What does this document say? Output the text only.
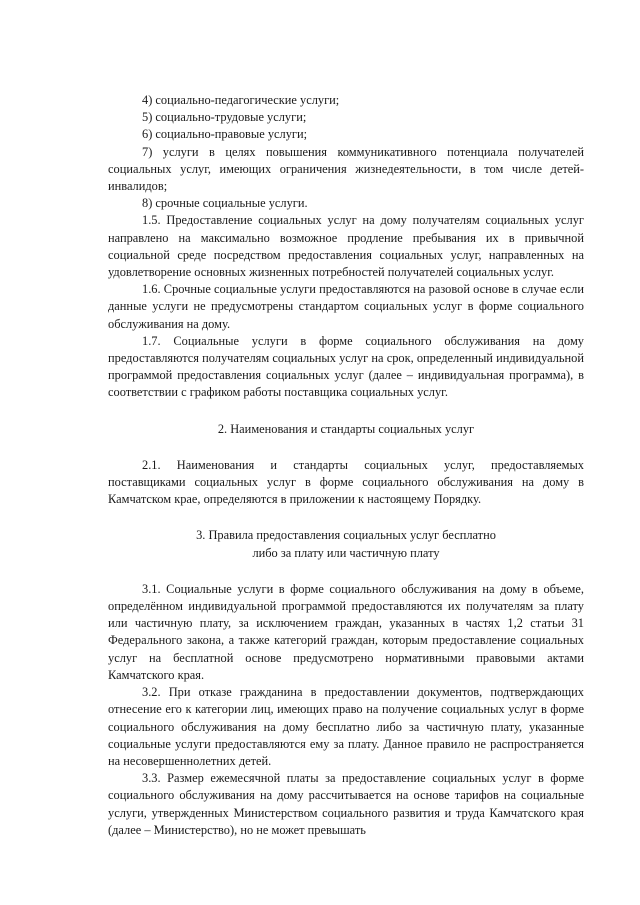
4) социально-педагогические услуги;

5) социально-трудовые услуги;

6) социально-правовые услуги;

7) услуги в целях повышения коммуникативного потенциала получателей социальных услуг, имеющих ограничения жизнедеятельности, в том числе детей-инвалидов;

8) срочные социальные услуги.

1.5. Предоставление социальных услуг на дому получателям социальных услуг направлено на максимально возможное продление пребывания их в привычной социальной среде посредством предоставления социальных услуг, направленных на удовлетворение основных жизненных потребностей получателей социальных услуг.

1.6. Срочные социальные услуги предоставляются на разовой основе в случае если данные услуги не предусмотрены стандартом социальных услуг в форме социального обслуживания на дому.

1.7. Социальные услуги в форме социального обслуживания на дому предоставляются получателям социальных услуг на срок, определенный индивидуальной программой предоставления социальных услуг (далее – индивидуальная программа), в соответствии с графиком работы поставщика социальных услуг.

2. Наименования и стандарты социальных услуг

2.1. Наименования и стандарты социальных услуг, предоставляемых поставщиками социальных услуг в форме социального обслуживания на дому в Камчатском крае, определяются в приложении к настоящему Порядку.

3. Правила предоставления социальных услуг бесплатно

либо за плату или частичную плату

3.1. Социальные услуги в форме социального обслуживания на дому в объеме, определённом индивидуальной программой предоставляются их получателям за плату или частичную плату, за исключением граждан, указанных в частях 1,2 статьи 31 Федерального закона, а также категорий граждан, которым предоставление социальных услуг на бесплатной основе предусмотрено нормативными правовыми актами Камчатского края.

3.2. При отказе гражданина в предоставлении документов, подтверждающих отнесение его к категории лиц, имеющих право на получение социальных услуг в форме социального обслуживания на дому бесплатно либо за частичную плату, указанные социальные услуги предоставляются ему за плату. Данное правило не распространяется на несовершеннолетних детей.

3.3. Размер ежемесячной платы за предоставление социальных услуг в форме социального обслуживания на дому рассчитывается на основе тарифов на социальные услуги, утвержденных Министерством социального развития и труда Камчатского края (далее – Министерство), но не может превышать
